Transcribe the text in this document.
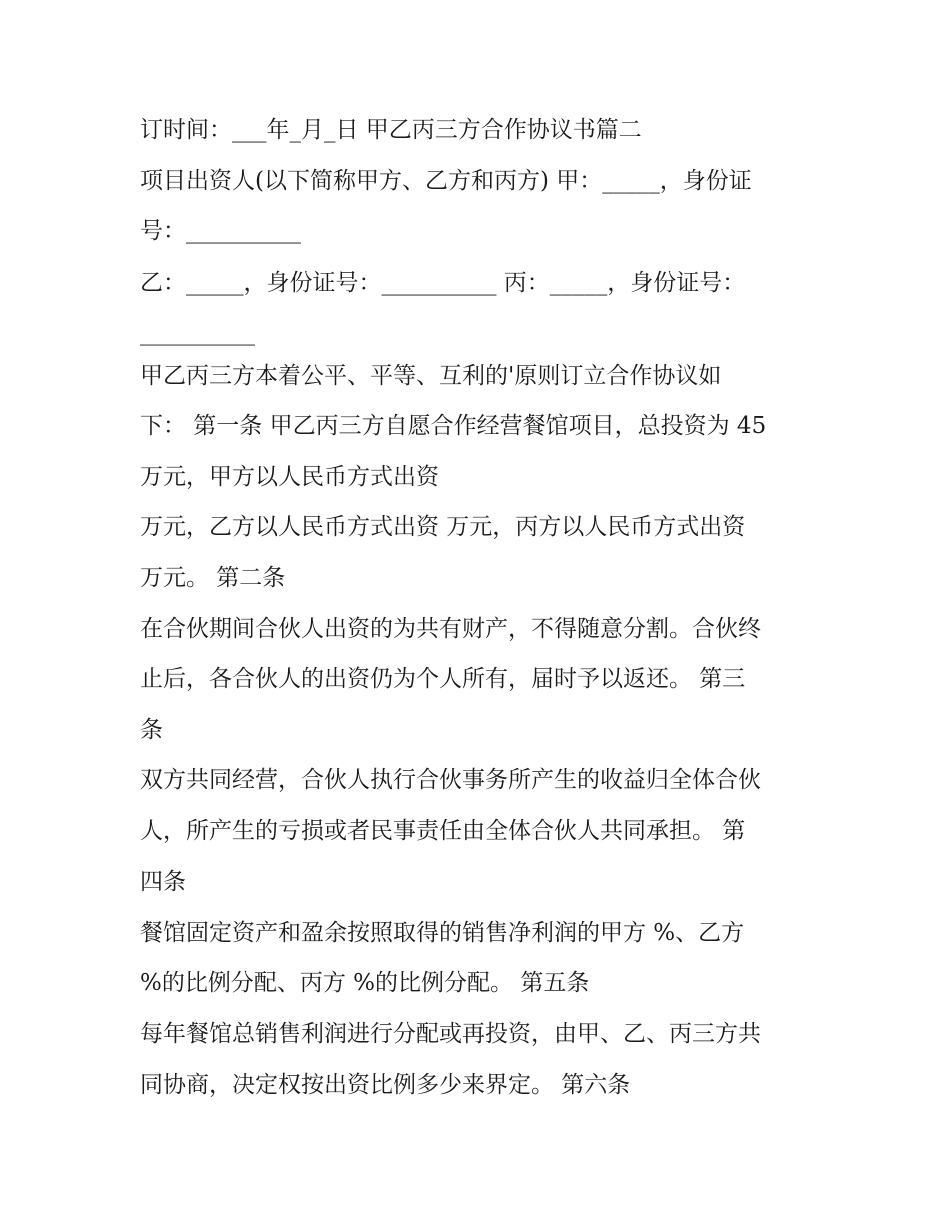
订时间：___年_月_日 甲乙丙三方合作协议书篇二

项目出资人(以下简称甲方、乙方和丙方) 甲：_____，身份证

号：__________

乙：_____，身份证号：__________ 丙：_____，身份证号：

__________

甲乙丙三方本着公平、平等、互利的'原则订立合作协议如

下： 第一条 甲乙丙三方自愿合作经营餐馆项目，总投资为 45

万元，甲方以人民币方式出资

万元，乙方以人民币方式出资 万元，丙方以人民币方式出资

万元。 第二条

在合伙期间合伙人出资的为共有财产，不得随意分割。合伙终

止后，各合伙人的出资仍为个人所有，届时予以返还。 第三

条

双方共同经营，合伙人执行合伙事务所产生的收益归全体合伙

人，所产生的亏损或者民事责任由全体合伙人共同承担。 第

四条

餐馆固定资产和盈余按照取得的销售净利润的甲方 %、乙方

%的比例分配、丙方 %的比例分配。 第五条

每年餐馆总销售利润进行分配或再投资，由甲、乙、丙三方共

同协商，决定权按出资比例多少来界定。 第六条
